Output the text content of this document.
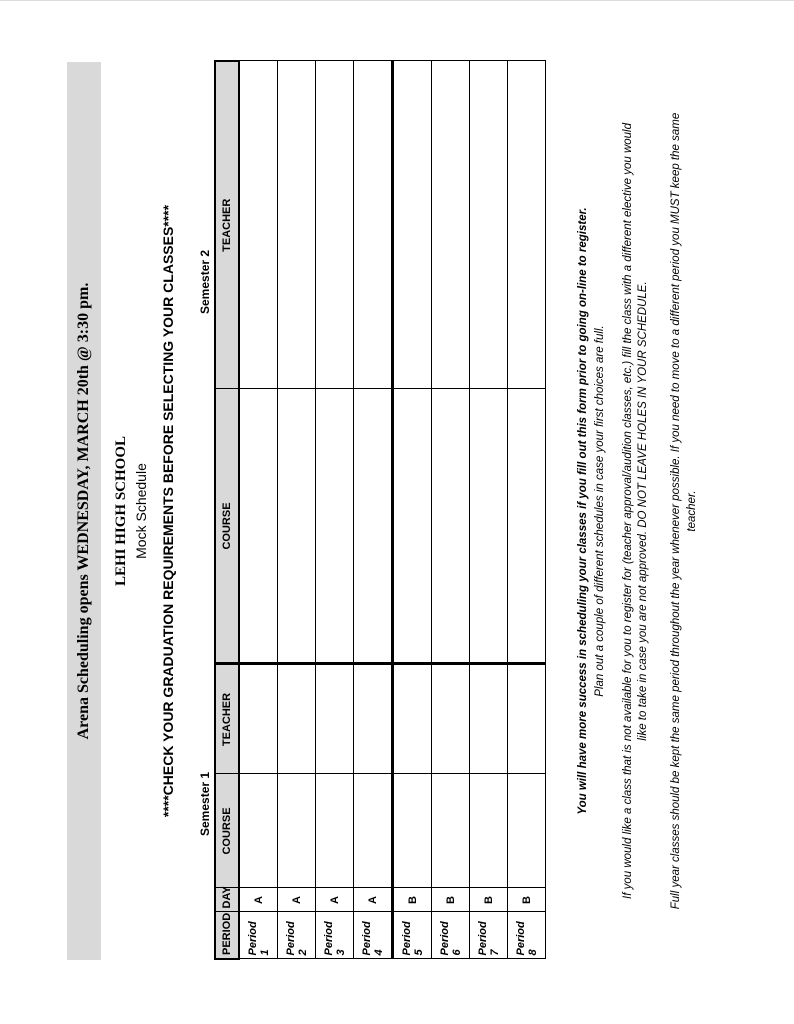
Arena Scheduling opens WEDNESDAY, MARCH 20th @ 3:30 pm.	LEHI HIGH SCHOOL Mock Schedule ****CHECK YOUR GRADUATION REQUIREMENTS BEFORE SELECTING YOUR CLASSES**** Semester 1
Semester 2
PERIOD	DAY	COURSE	TEACHER	COURSE	TEACHER
Period 1	A				
Period 2	A				
Period 3	A				
Period 4	A				
Period 5	B				
Period 6	B				
Period 7	B				
Period 8	B				
You will have more success in scheduling your classes if you fill out this form prior to going on-line to register. Plan out a couple of different schedules in case your first choices are full. If you would like a class that is not available for you to register for (teacher approval/audition classes, etc.) fill the class with a different elective you would like to take in case you are not approved. DO NOT LEAVE HOLES IN YOUR SCHEDULE. Full year classes should be kept the same period throughout the year whenever possible. If you need to move to a different period you MUST keep the same teacher.
